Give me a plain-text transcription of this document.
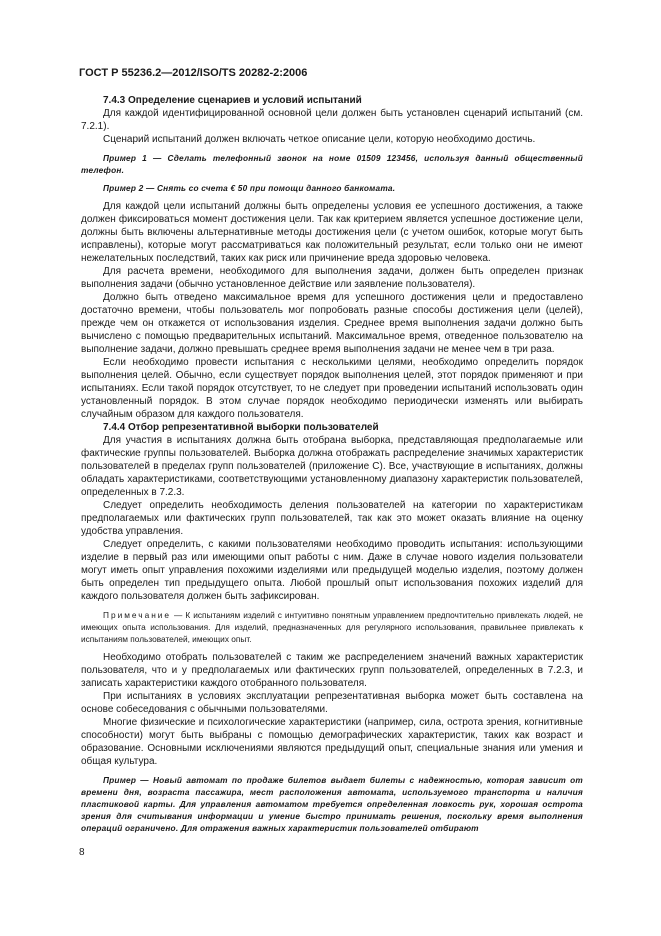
ГОСТ Р 55236.2—2012/ISO/TS 20282-2:2006

7.4.3 Определение сценариев и условий испытаний

Для каждой идентифицированной основной цели должен быть установлен сценарий испытаний (см. 7.2.1).

Сценарий испытаний должен включать четкое описание цели, которую необходимо достичь.

Пример 1 — Сделать телефонный звонок на номе 01509 123456, используя данный общественный телефон.

Пример 2 — Снять со счета € 50 при помощи данного банкомата.

Для каждой цели испытаний должны быть определены условия ее успешного достижения, а также должен фиксироваться момент достижения цели. Так как критерием является успешное достижение цели, должны быть включены альтернативные методы достижения цели (с учетом ошибок, которые могут быть исправлены), которые могут рассматриваться как положительный результат, если только они не имеют нежелательных последствий, таких как риск или причинение вреда здоровью человека.

Для расчета времени, необходимого для выполнения задачи, должен быть определен признак выполнения задачи (обычно установленное действие или заявление пользователя).

Должно быть отведено максимальное время для успешного достижения цели и предоставлено достаточно времени, чтобы пользователь мог попробовать разные способы достижения цели (целей), прежде чем он откажется от использования изделия. Среднее время выполнения задачи должно быть вычислено с помощью предварительных испытаний. Максимальное время, отведенное пользователю на выполнение задачи, должно превышать среднее время выполнения задачи не менее чем в три раза.

Если необходимо провести испытания с несколькими целями, необходимо определить порядок выполнения целей. Обычно, если существует порядок выполнения целей, этот порядок применяют и при испытаниях. Если такой порядок отсутствует, то не следует при проведении испытаний использовать один установленный порядок. В этом случае порядок необходимо периодически изменять или выбирать случайным образом для каждого пользователя.

7.4.4 Отбор репрезентативной выборки пользователей

Для участия в испытаниях должна быть отобрана выборка, представляющая предполагаемые или фактические группы пользователей. Выборка должна отображать распределение значимых характеристик пользователей в пределах групп пользователей (приложение С). Все, участвующие в испытаниях, должны обладать характеристиками, соответствующими установленному диапазону характеристик пользователей, определенных в 7.2.3.

Следует определить необходимость деления пользователей на категории по характеристикам предполагаемых или фактических групп пользователей, так как это может оказать влияние на оценку удобства управления.

Следует определить, с какими пользователями необходимо проводить испытания: использующими изделие в первый раз или имеющими опыт работы с ним. Даже в случае нового изделия пользователи могут иметь опыт управления похожими изделиями или предыдущей моделью изделия, поэтому должен быть определен тип предыдущего опыта. Любой прошлый опыт использования похожих изделий для каждого пользователя должен быть зафиксирован.

Примечание — К испытаниям изделий с интуитивно понятным управлением предпочтительно привлекать людей, не имеющих опыта использования. Для изделий, предназначенных для регулярного использования, правильнее привлекать к испытаниям пользователей, имеющих опыт.

Необходимо отобрать пользователей с таким же распределением значений важных характеристик пользователя, что и у предполагаемых или фактических групп пользователей, определенных в 7.2.3, и записать характеристики каждого отобранного пользователя.

При испытаниях в условиях эксплуатации репрезентативная выборка может быть составлена на основе собеседования с обычными пользователями.

Многие физические и психологические характеристики (например, сила, острота зрения, когнитивные способности) могут быть выбраны с помощью демографических характеристик, таких как возраст и образование. Основными исключениями являются предыдущий опыт, специальные знания или умения и общая культура.

Пример — Новый автомат по продаже билетов выдает билеты с надежностью, которая зависит от времени дня, возраста пассажира, мест расположения автомата, используемого транспорта и наличия пластиковой карты. Для управления автоматом требуется определенная ловкость рук, хорошая острота зрения для считывания информации и умение быстро принимать решения, поскольку время выполнения операций ограничено. Для отражения важных характеристик пользователей отбирают

8
